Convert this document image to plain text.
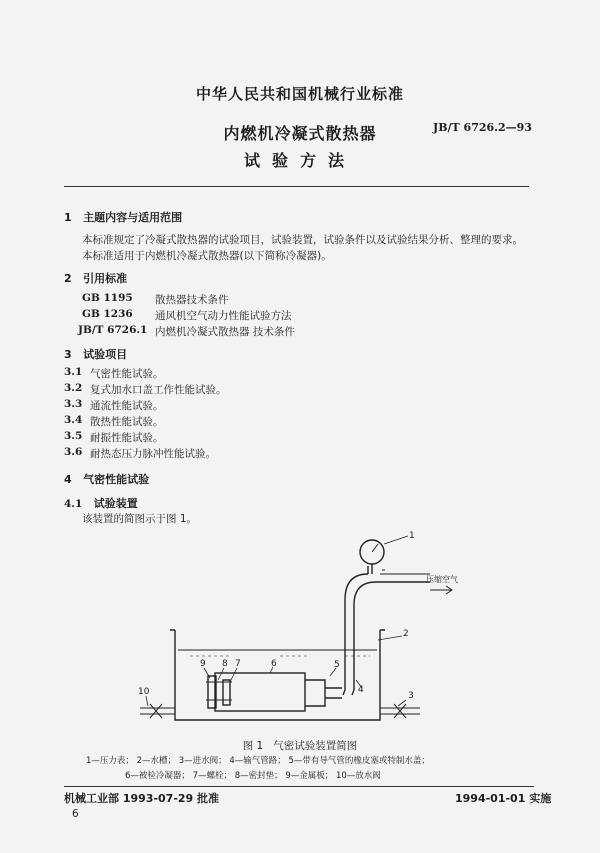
中华人民共和国机械行业标准
内燃机冷凝式散热器
试验方法
JB/T 6726.2—93
1 主题内容与适用范围
本标准规定了冷凝式散热器的试验项目，试验装置，试验条件以及试验结果分析、整理的要求。
本标准适用于内燃机冷凝式散热器(以下简称冷凝器)。
2 引用标准
GB 1195 散热器技术条件
GB 1236 通风机空气动力性能试验方法
JB/T 6726.1 内燃机冷凝式散热器 技术条件
3 试验项目
3.1 气密性能试验。
3.2 复式加水口盖工作性能试验。
3.3 通流性能试验。
3.4 散热性能试验。
3.5 耐振性能试验。
3.6 耐热态压力脉冲性能试验。
4 气密性能试验
4.1 试验装置
该装置的简图示于图 1。
压缩空气
1
2
3
4
5
6
7
8
9
10
图 1 气密试验装置简图
1—压力表； 2—水槽； 3—进水阀； 4—输气管路； 5—带有导气管的橡皮塞或特制水盖；
6—被检冷凝器； 7—螺栓； 8—密封垫； 9—金属板； 10—放水阀
机械工业部 1993-07-29 批准	1994-01-01 实施
6
